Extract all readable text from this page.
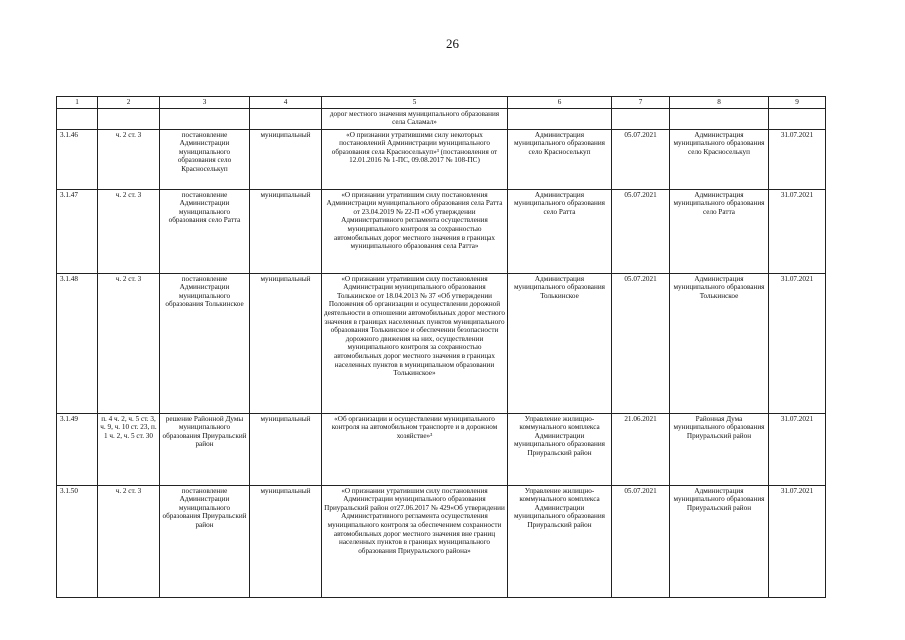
26
1	2	3	4	5	6	7	8	9
				дорог местного значения муниципального образования села Саламал»				
3.1.46	ч. 2 ст. 3	постановление Администрации муниципального образования село Красноселькуп	муниципальный	«О признании утратившими силу некоторых постановлений Администрации муниципального образования села Красноселькуп»³ (постановления от 12.01.2016 № 1-ПС, 09.08.2017 № 108-ПС)	Администрация муниципального образования село Красноселькуп	05.07.2021	Администрация муниципального образования село Красноселькуп	31.07.2021
3.1.47	ч. 2 ст. 3	постановление Администрации муниципального образования село Ратта	муниципальный	«О признании утратившим силу постановления Администрации муниципального образования села Ратта от 23.04.2019 № 22-П «Об утверждении Административного регламента осуществления муниципального контроля за сохранностью автомобильных дорог местного значения в границах муниципального образования села Ратта»	Администрация муниципального образования село Ратта	05.07.2021	Администрация муниципального образования село Ратта	31.07.2021
3.1.48	ч. 2 ст. 3	постановление Администрации муниципального образования Толькинское	муниципальный	«О признании утратившим силу постановления Администрации муниципального образования Толькинское от 18.04.2013 № 37 «Об утверждении Положения об организации и осуществлении дорожной деятельности в отношении автомобильных дорог местного значения в границах населенных пунктов муниципального образования Толькинское и обеспечении безопасности дорожного движения на них, осуществлении муниципального контроля за сохранностью автомобильных дорог местного значения в границах населенных пунктов в муниципальном образовании Толькинское»	Администрация муниципального образования Толькинское	05.07.2021	Администрация муниципального образования Толькинское	31.07.2021
3.1.49	п. 4 ч. 2, ч. 5 ст. 3, ч. 9, ч. 10 ст. 23, п. 1 ч. 2, ч. 5 ст. 30	решение Районной Думы муниципального образования Приуральский район	муниципальный	«Об организации и осуществлении муниципального контроля на автомобильном транспорте и в дорожном хозяйстве»³	Управление жилищно-коммунального комплекса Администрации муниципального образования Приуральский район	21.06.2021	Районная Дума муниципального образования Приуральский район	31.07.2021
3.1.50	ч. 2 ст. 3	постановление Администрации муниципального образования Приуральский район	муниципальный	«О признании утратившим силу постановления Администрации муниципального образования Приуральский район от27.06.2017 № 429«Об утверждении Административного регламента осуществления муниципального контроля за обеспечением сохранности автомобильных дорог местного значения вне границ населенных пунктов в границах муниципального образования Приуральского района»	Управление жилищно-коммунального комплекса Администрации муниципального образования Приуральский район	05.07.2021	Администрация муниципального образования Приуральский район	31.07.2021
